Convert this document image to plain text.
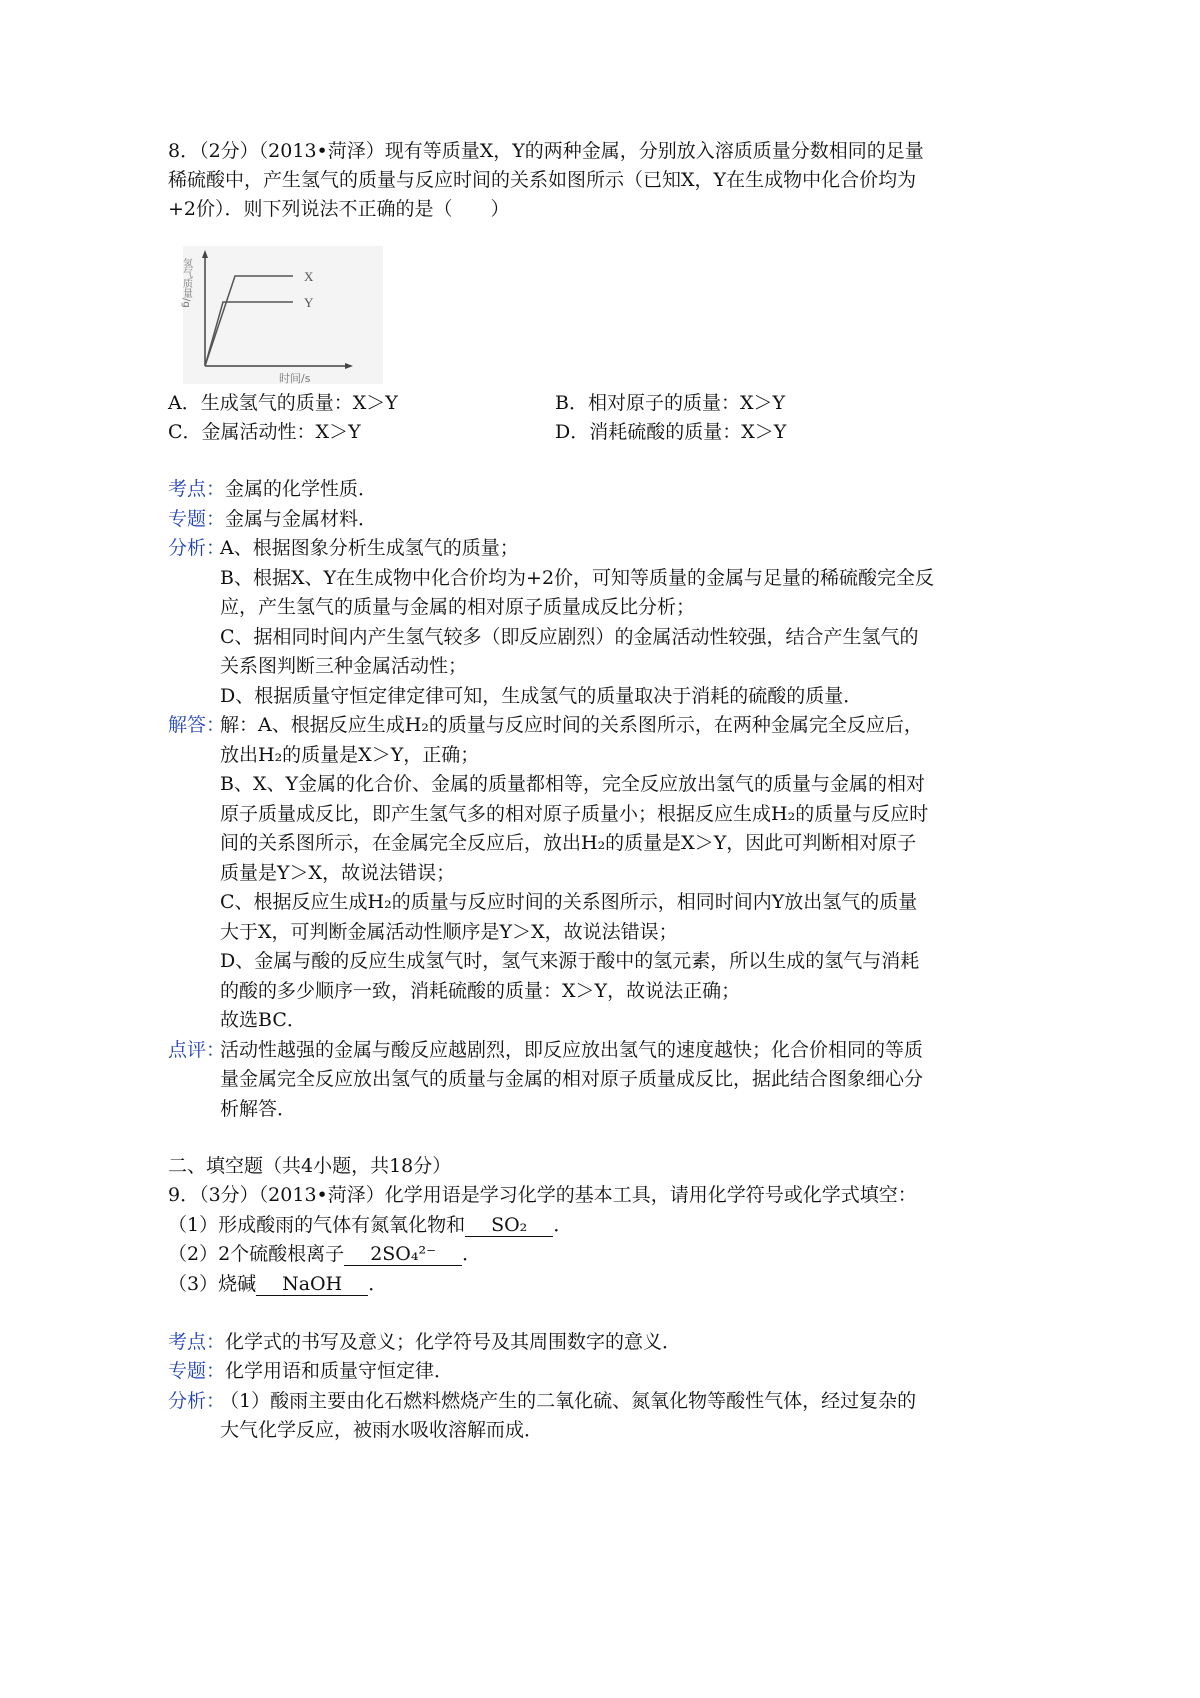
8．（2分）（2013•菏泽）现有等质量X，Y的两种金属，分别放入溶质质量分数相同的足量
稀硫酸中，产生氢气的质量与反应时间的关系如图所示（已知X，Y在生成物中化合价均为
+2价）．则下列说法不正确的是（　　）
X
Y
氢气质量/g
时间/s
A．生成氢气的质量：X＞Y	B．相对原子的质量：X＞Y
C．金属活动性：X＞Y	D．消耗硫酸的质量：X＞Y
考点：金属的化学性质．
专题：金属与金属材料．
分析：
A、根据图象分析生成氢气的质量；
B、根据X、Y在生成物中化合价均为+2价，可知等质量的金属与足量的稀硫酸完全反
应，产生氢气的质量与金属的相对原子质量成反比分析；
C、据相同时间内产生氢气较多（即反应剧烈）的金属活动性较强，结合产生氢气的
关系图判断三种金属活动性；
D、根据质量守恒定律定律可知，生成氢气的质量取决于消耗的硫酸的质量．
解答：
解：A、根据反应生成H₂的质量与反应时间的关系图所示，在两种金属完全反应后，
放出H₂的质量是X＞Y，正确；
B、X、Y金属的化合价、金属的质量都相等，完全反应放出氢气的质量与金属的相对
原子质量成反比，即产生氢气多的相对原子质量小；根据反应生成H₂的质量与反应时
间的关系图所示，在金属完全反应后，放出H₂的质量是X＞Y，因此可判断相对原子
质量是Y＞X，故说法错误；
C、根据反应生成H₂的质量与反应时间的关系图所示，相同时间内Y放出氢气的质量
大于X，可判断金属活动性顺序是Y＞X，故说法错误；
D、金属与酸的反应生成氢气时，氢气来源于酸中的氢元素，所以生成的氢气与消耗
的酸的多少顺序一致，消耗硫酸的质量：X＞Y，故说法正确；
故选BC．
点评：
活动性越强的金属与酸反应越剧烈，即反应放出氢气的速度越快；化合价相同的等质
量金属完全反应放出氢气的质量与金属的相对原子质量成反比，据此结合图象细心分
析解答．
二、填空题（共4小题，共18分）
9．（3分）（2013•菏泽）化学用语是学习化学的基本工具，请用化学符号或化学式填空：
（1）形成酸雨的气体有氮氧化物和 SO₂ ．
（2）2个硫酸根离子 2SO₄²⁻ ．
（3）烧碱 NaOH ．
考点：化学式的书写及意义；化学符号及其周围数字的意义．
专题：化学用语和质量守恒定律．
分析：
（1）酸雨主要由化石燃料燃烧产生的二氧化硫、氮氧化物等酸性气体，经过复杂的
大气化学反应，被雨水吸收溶解而成．
